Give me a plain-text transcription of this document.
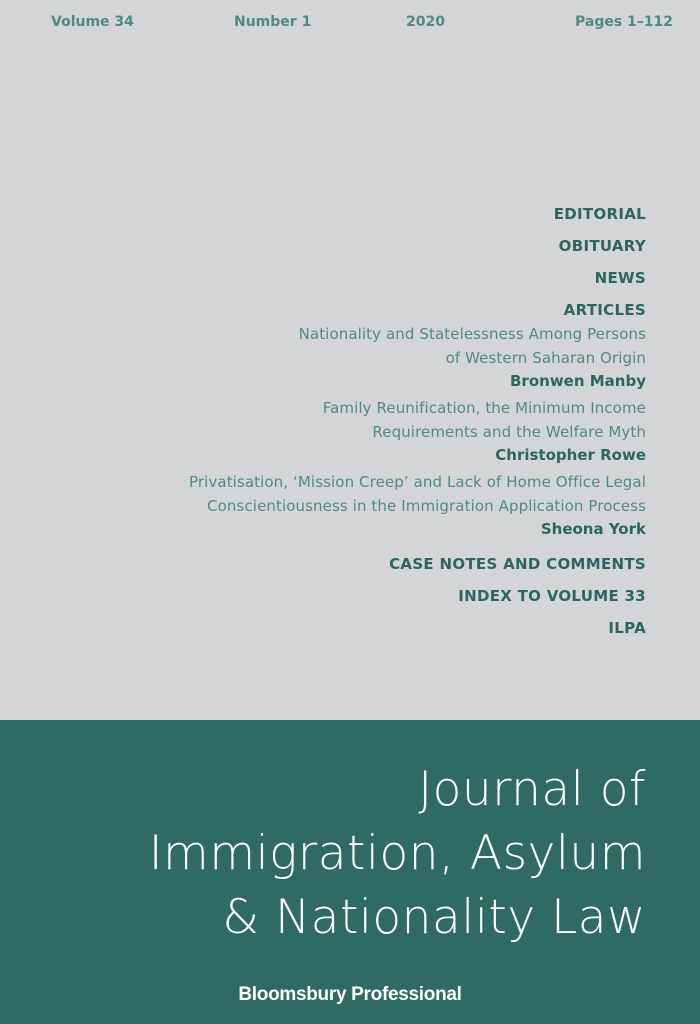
Volume 34	Number 1	2020	Pages 1–112
EDITORIAL
OBITUARY
NEWS
ARTICLES
Nationality and Statelessness Among Persons
of Western Saharan Origin
Bronwen Manby
Family Reunification, the Minimum Income
Requirements and the Welfare Myth
Christopher Rowe
Privatisation, ‘Mission Creep’ and Lack of Home Office Legal
Conscientiousness in the Immigration Application Process
Sheona York
CASE NOTES AND COMMENTS
INDEX TO VOLUME 33
ILPA
Journal of
Immigration, Asylum
& Nationality Law
Bloomsbury Professional
